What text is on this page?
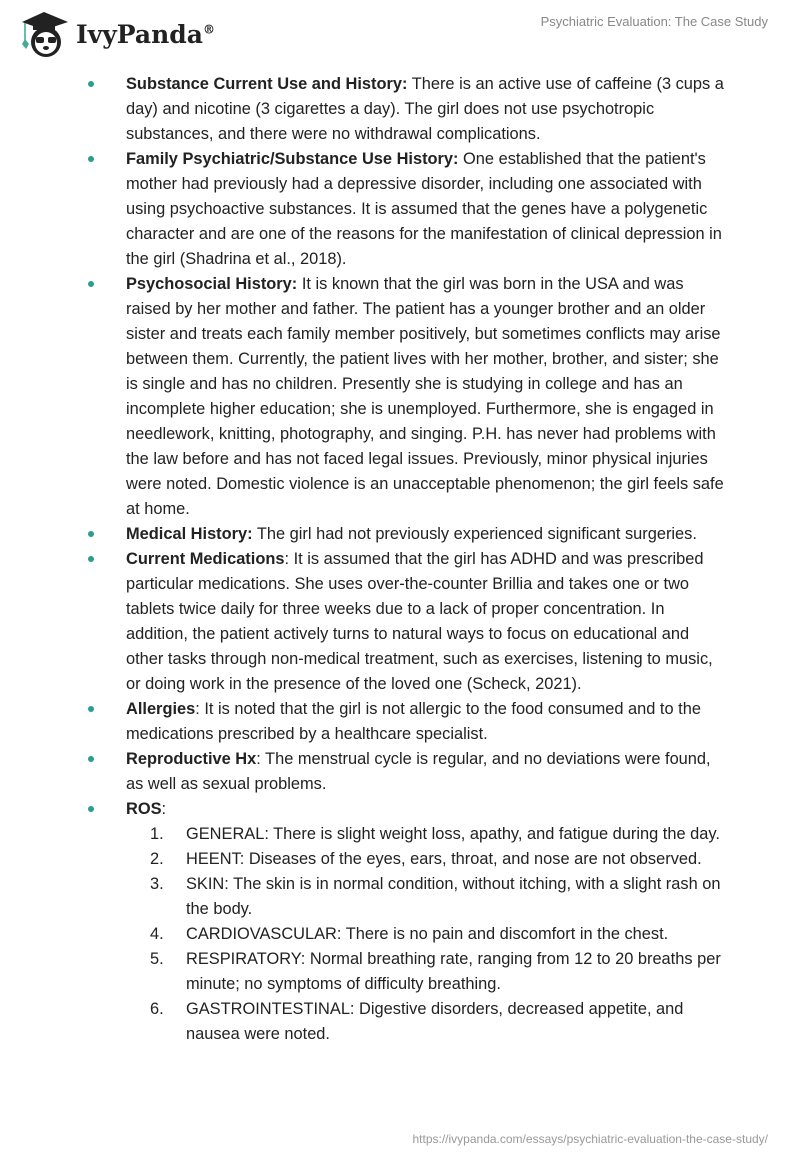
IvyPanda®
Psychiatric Evaluation: The Case Study
Substance Current Use and History: There is an active use of caffeine (3 cups a day) and nicotine (3 cigarettes a day). The girl does not use psychotropic substances, and there were no withdrawal complications.
Family Psychiatric/Substance Use History: One established that the patient's mother had previously had a depressive disorder, including one associated with using psychoactive substances. It is assumed that the genes have a polygenetic character and are one of the reasons for the manifestation of clinical depression in the girl (Shadrina et al., 2018).
Psychosocial History: It is known that the girl was born in the USA and was raised by her mother and father. The patient has a younger brother and an older sister and treats each family member positively, but sometimes conflicts may arise between them. Currently, the patient lives with her mother, brother, and sister; she is single and has no children. Presently she is studying in college and has an incomplete higher education; she is unemployed. Furthermore, she is engaged in needlework, knitting, photography, and singing. P.H. has never had problems with the law before and has not faced legal issues. Previously, minor physical injuries were noted. Domestic violence is an unacceptable phenomenon; the girl feels safe at home.
Medical History: The girl had not previously experienced significant surgeries.
Current Medications: It is assumed that the girl has ADHD and was prescribed particular medications. She uses over-the-counter Brillia and takes one or two tablets twice daily for three weeks due to a lack of proper concentration. In addition, the patient actively turns to natural ways to focus on educational and other tasks through non-medical treatment, such as exercises, listening to music, or doing work in the presence of the loved one (Scheck, 2021).
Allergies: It is noted that the girl is not allergic to the food consumed and to the medications prescribed by a healthcare specialist.
Reproductive Hx: The menstrual cycle is regular, and no deviations were found, as well as sexual problems.
ROS:
1. GENERAL: There is slight weight loss, apathy, and fatigue during the day.
2. HEENT: Diseases of the eyes, ears, throat, and nose are not observed.
3. SKIN: The skin is in normal condition, without itching, with a slight rash on the body.
4. CARDIOVASCULAR: There is no pain and discomfort in the chest.
5. RESPIRATORY: Normal breathing rate, ranging from 12 to 20 breaths per minute; no symptoms of difficulty breathing.
6. GASTROINTESTINAL: Digestive disorders, decreased appetite, and nausea were noted.
https://ivypanda.com/essays/psychiatric-evaluation-the-case-study/
